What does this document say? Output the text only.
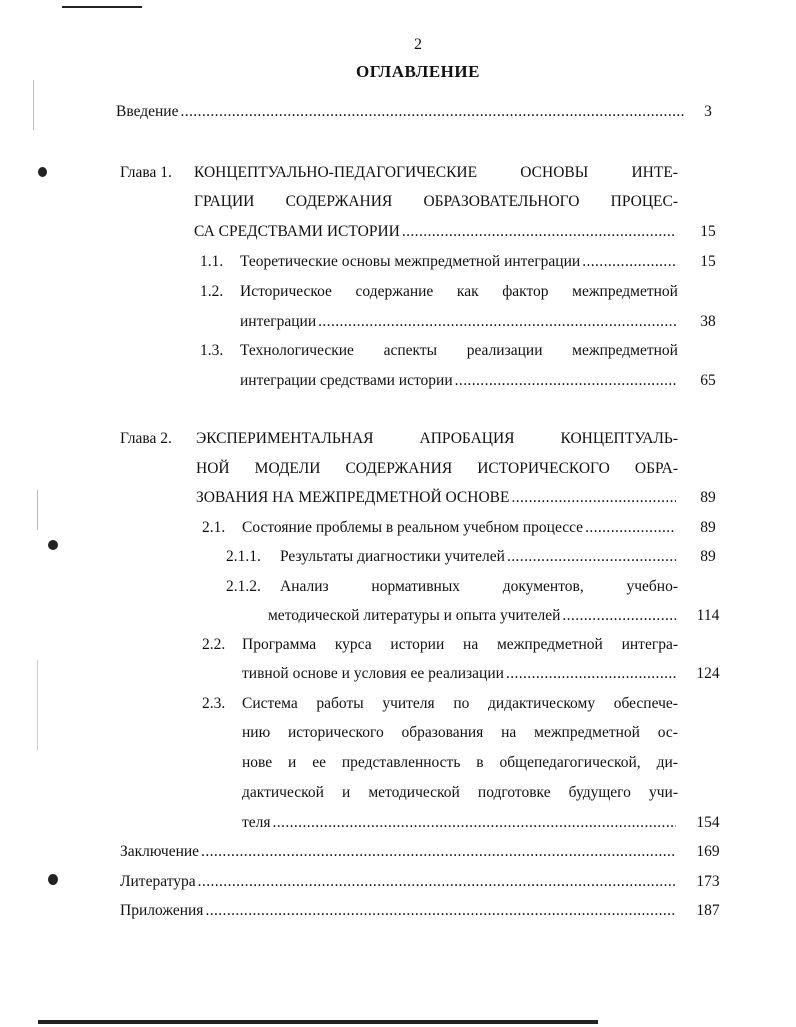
2
ОГЛАВЛЕНИЕ
Введение .....	3
Глава 1. КОНЦЕПТУАЛЬНО-ПЕДАГОГИЧЕСКИЕ	ОСНОВЫ	ИНТЕ-
ГРАЦИИ СОДЕРЖАНИЯ ОБРАЗОВАТЕЛЬНОГО ПРОЦЕС-
СА СРЕДСТВАМИ ИСТОРИИ .....	15
1.1. Теоретические основы межпредметной интеграции .....	15
1.2. Историческое содержание как фактор межпредметной
интеграции .....	38
1.3. Технологические аспекты реализации межпредметной
интеграции средствами истории .....	65
Глава 2. ЭКСПЕРИМЕНТАЛЬНАЯ	АПРОБАЦИЯ	КОНЦЕПТУАЛЬ-
НОЙ МОДЕЛИ СОДЕРЖАНИЯ ИСТОРИЧЕСКОГО ОБРА-
ЗОВАНИЯ НА МЕЖПРЕДМЕТНОЙ ОСНОВЕ .....	89
2.1. Состояние проблемы в реальном учебном процессе .....	89
2.1.1. Результаты диагностики учителей .....	89
2.1.2. Анализ	нормативных	документов,	учебно-
методической литературы и опыта учителей .....	114
2.2. Программа курса истории на межпредметной интегра-
тивной основе и условия ее реализации .....	124
2.3. Система работы учителя по дидактическому обеспече-
нию исторического образования на межпредметной ос-
нове и ее представленность в общепедагогической, ди-
дактической и методической подготовке будущего учи-
теля .....	154
Заключение .....	169
Литература .....	173
Приложения .....	187
